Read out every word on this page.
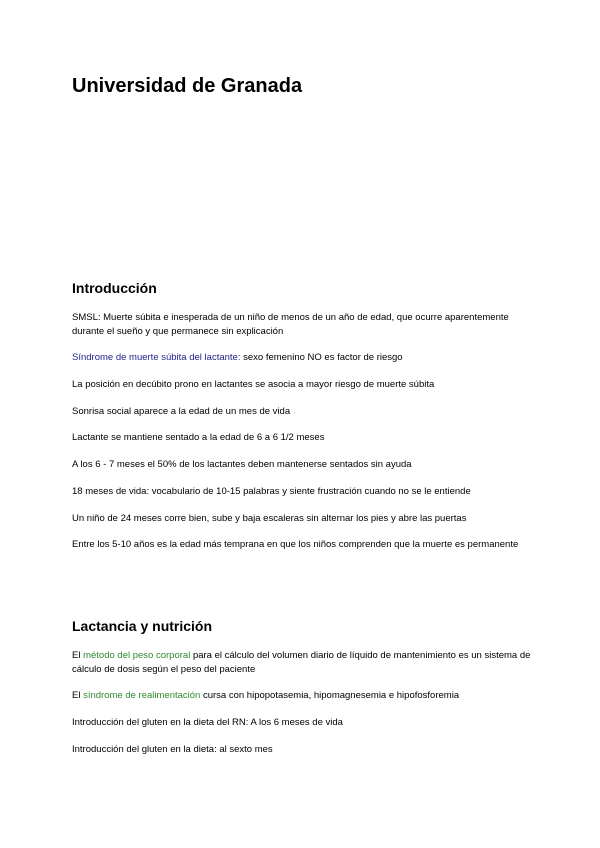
Universidad de Granada
Introducción

SMSL: Muerte súbita e inesperada de un niño de menos de un año de edad, que ocurre aparentemente durante el sueño y que permanece sin explicación

Síndrome de muerte súbita del lactante: sexo femenino NO es factor de riesgo

La posición en decúbito prono en lactantes se asocia a mayor riesgo de muerte súbita

Sonrisa social aparece a la edad de un mes de vida

Lactante se mantiene sentado a la edad de 6 a 6 1/2 meses

A los 6 - 7 meses el 50% de los lactantes deben mantenerse sentados sin ayuda

18 meses de vida: vocabulario de 10-15 palabras y siente frustración cuando no se le entiende

Un niño de 24 meses corre bien, sube y baja escaleras sin alternar los pies y abre las puertas

Entre los 5-10 años es la edad más temprana en que los niños comprenden que la muerte es permanente

Lactancia y nutrición

El método del peso corporal para el cálculo del volumen diario de líquido de mantenimiento es un sistema de cálculo de dosis según el peso del paciente

El síndrome de realimentación cursa con hipopotasemia, hipomagnesemia e hipofosforemia

Introducción del gluten en la dieta del RN: A los 6 meses de vida

Introducción del gluten en la dieta: al sexto mes
